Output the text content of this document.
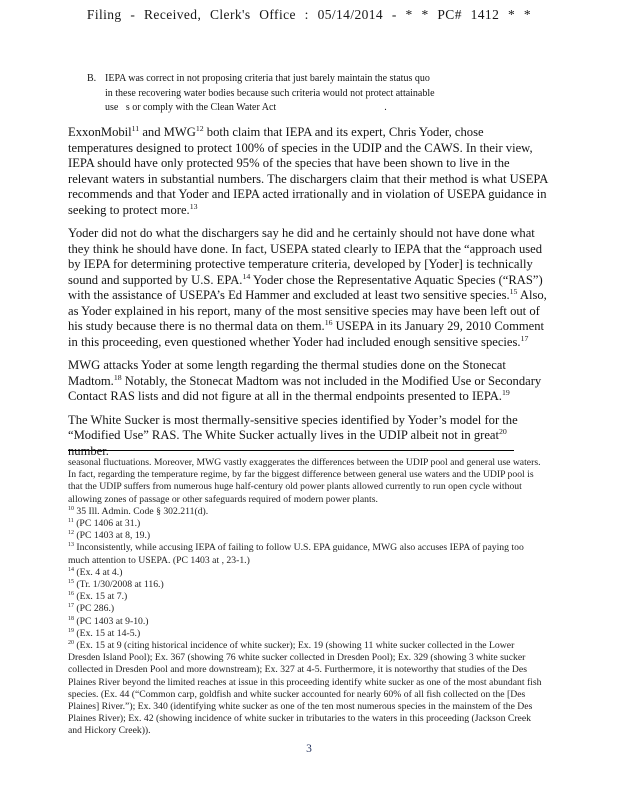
Filing - Received, Clerk's Office : 05/14/2014 - * * PC# 1412 * *
B. IEPA was correct in not proposing criteria that just barely maintain the status quo
in these recovering water bodies because such criteria would not protect attainable
use   s or comply with the Clean Water Act	.

ExxonMobil$^{11}$ and MWG$^{12}$ both claim that IEPA and its expert, Chris Yoder, chose temperatures designed to protect 100% of species in the UDIP and the CAWS. In their view, IEPA should have only protected 95% of the species that have been shown to live in the relevant waters in substantial numbers. The dischargers claim that their method is what USEPA recommends and that Yoder and IEPA acted irrationally and in violation of USEPA guidance in seeking to protect more.$^{13}$

Yoder did not do what the dischargers say he did and he certainly should not have done what they think he should have done. In fact, USEPA stated clearly to IEPA that the “approach used by IEPA for determining protective temperature criteria, developed by [Yoder] is technically sound and supported by U.S. EPA.$^{14}$ Yoder chose the Representative Aquatic Species (“RAS”) with the assistance of USEPA’s Ed Hammer and excluded at least two sensitive species.$^{15}$ Also, as Yoder explained in his report, many of the most sensitive species may have been left out of his study because there is no thermal data on them.$^{16}$ USEPA in its January 29, 2010 Comment in this proceeding, even questioned whether Yoder had included enough sensitive species.$^{17}$

MWG attacks Yoder at some length regarding the thermal studies done on the Stonecat Madtom.$^{18}$ Notably, the Stonecat Madtom was not included in the Modified Use or Secondary Contact RAS lists and did not figure at all in the thermal endpoints presented to IEPA.$^{19}$

The White Sucker is most thermally-sensitive species identified by Yoder’s model for the “Modified Use” RAS. The White Sucker actually lives in the UDIP albeit not in great$^{20}$ number.

seasonal fluctuations. Moreover, MWG vastly exaggerates the differences between the UDIP pool and general use waters. In fact, regarding the temperature regime, by far the biggest difference between general use waters and the UDIP pool is that the UDIP suffers from numerous huge half-century old power plants allowed currently to run open cycle without allowing zones of passage or other safeguards required of modern power plants.
$^{10}$ 35 Ill. Admin. Code § 302.211(d).
$^{11}$ (PC 1406 at 31.)
$^{12}$ (PC 1403 at 8, 19.)
$^{13}$ Inconsistently, while accusing IEPA of failing to follow U.S. EPA guidance, MWG also accuses IEPA of paying too much attention to USEPA. (PC 1403 at , 23-1.)
$^{14}$ (Ex. 4 at 4.)
$^{15}$ (Tr. 1/30/2008 at 116.)
$^{16}$ (Ex. 15 at 7.)
$^{17}$ (PC 286.)
$^{18}$ (PC 1403 at 9-10.)
$^{19}$ (Ex. 15 at 14-5.)
$^{20}$ (Ex. 15 at 9 (citing historical incidence of white sucker); Ex. 19 (showing 11 white sucker collected in the Lower Dresden Island Pool); Ex. 367 (showing 76 white sucker collected in Dresden Pool); Ex. 329 (showing 3 white sucker collected in Dresden Pool and more downstream); Ex. 327 at 4-5. Furthermore, it is noteworthy that studies of the Des Plaines River beyond the limited reaches at issue in this proceeding identify white sucker as one of the most abundant fish species. (Ex. 44 (“Common carp, goldfish and white sucker accounted for nearly 60% of all fish collected on the [Des Plaines] River.”); Ex. 340 (identifying white sucker as one of the ten most numerous species in the mainstem of the Des Plaines River); Ex. 42 (showing incidence of white sucker in tributaries to the waters in this proceeding (Jackson Creek and Hickory Creek)).
3
